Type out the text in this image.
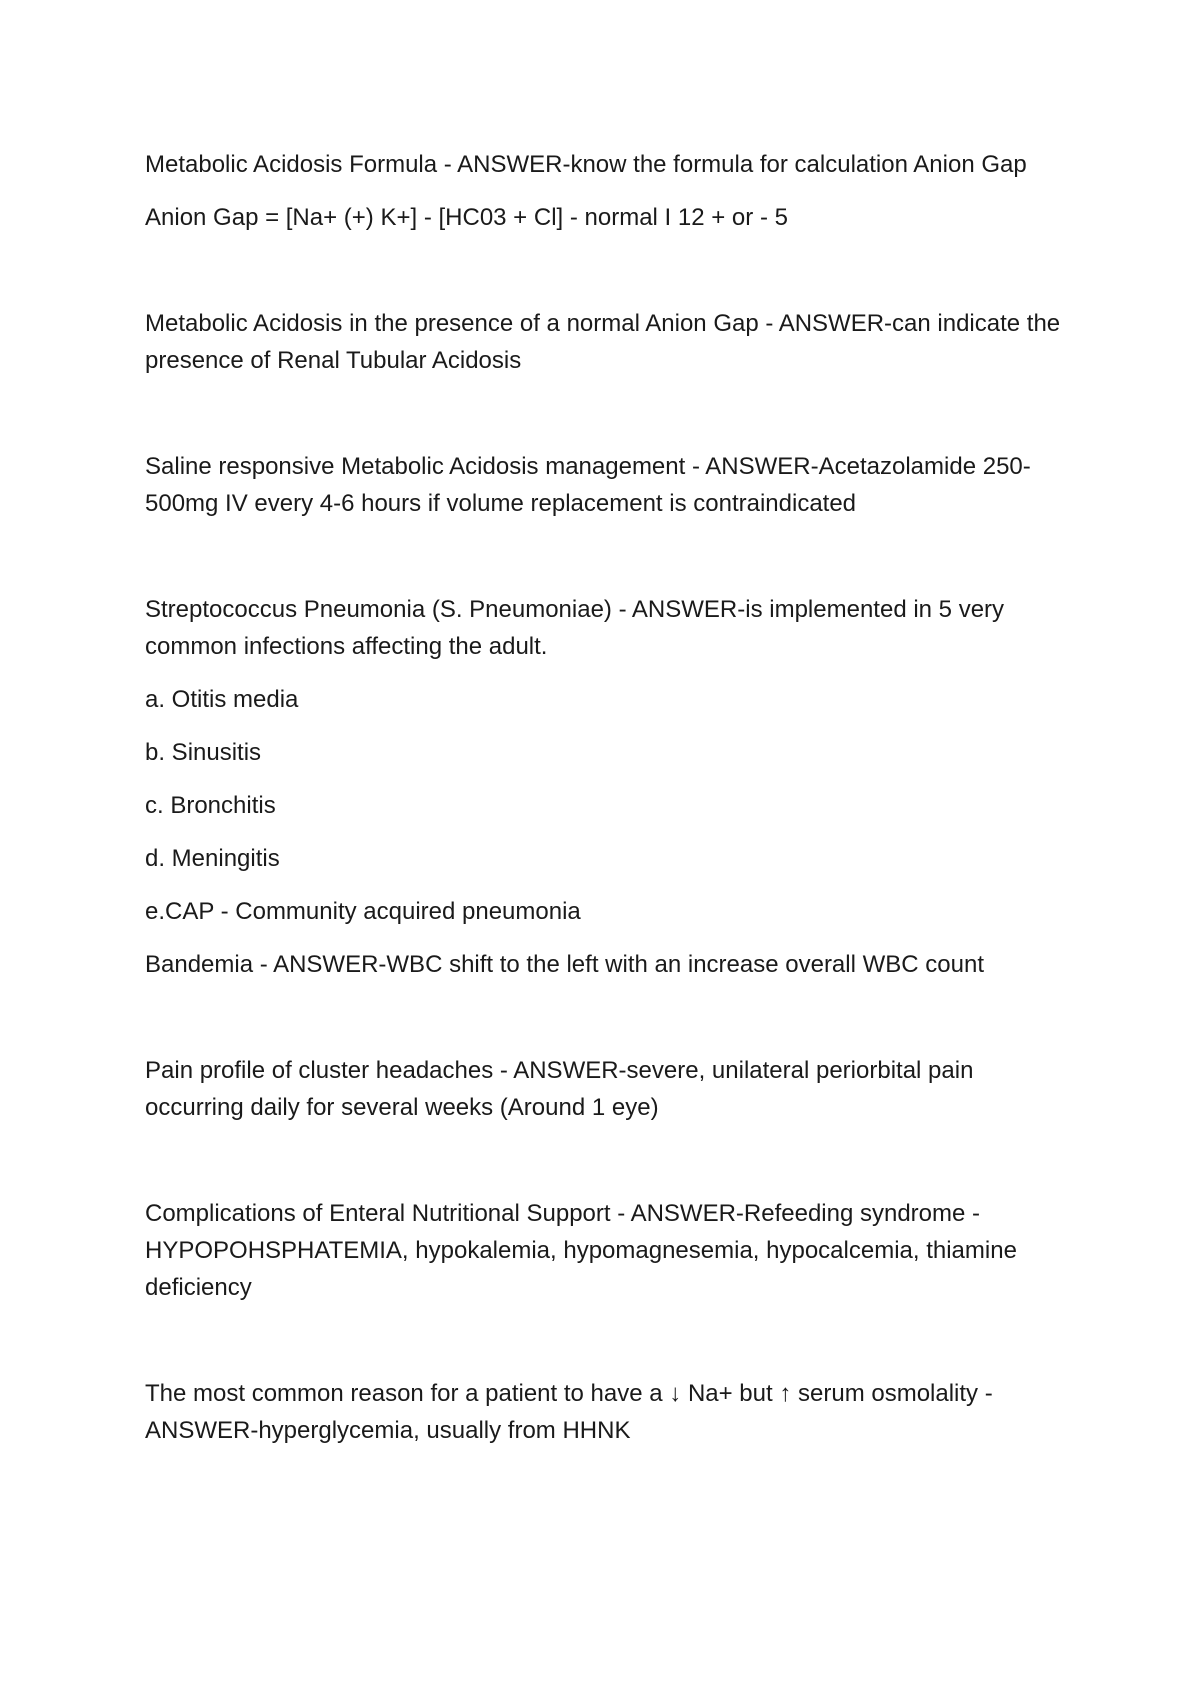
Metabolic Acidosis Formula - ANSWER-know the formula for calculation Anion Gap

Anion Gap = [Na+ (+) K+] - [HC03 + Cl] - normal I 12 + or - 5

Metabolic Acidosis in the presence of a normal Anion Gap - ANSWER-can indicate the presence of Renal Tubular Acidosis

Saline responsive Metabolic Acidosis management - ANSWER-Acetazolamide 250-500mg IV every 4-6 hours if volume replacement is contraindicated

Streptococcus Pneumonia (S. Pneumoniae) - ANSWER-is implemented in 5 very common infections affecting the adult.

a. Otitis media

b. Sinusitis

c. Bronchitis

d. Meningitis

e.CAP - Community acquired pneumonia

Bandemia - ANSWER-WBC shift to the left with an increase overall WBC count

Pain profile of cluster headaches - ANSWER-severe, unilateral periorbital pain occurring daily for several weeks (Around 1 eye)

Complications of Enteral Nutritional Support - ANSWER-Refeeding syndrome - HYPOPOHSPHATEMIA, hypokalemia, hypomagnesemia, hypocalcemia, thiamine deficiency

The most common reason for a patient to have a ↓ Na+ but ↑ serum osmolality - ANSWER-hyperglycemia, usually from HHNK
